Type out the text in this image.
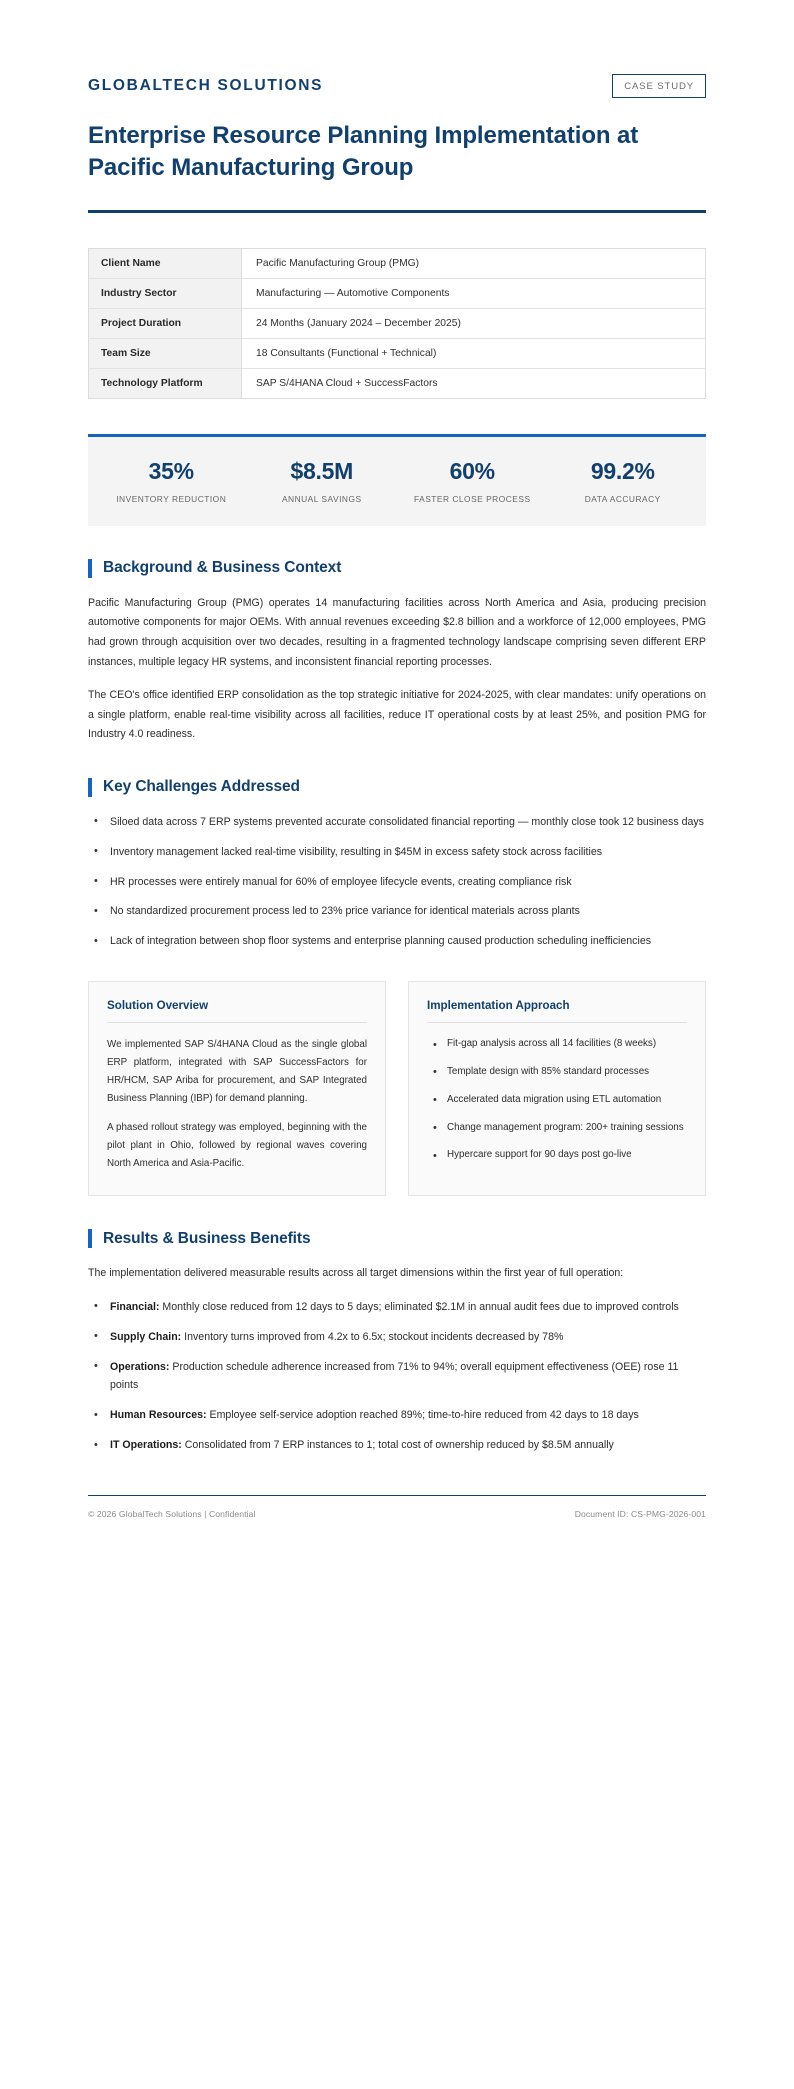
GLOBALTECH SOLUTIONS	CASE STUDY
Enterprise Resource Planning Implementation at Pacific Manufacturing Group
Client Name	Pacific Manufacturing Group (PMG)
Industry Sector	Manufacturing — Automotive Components
Project Duration	24 Months (January 2024 – December 2025)
Team Size	18 Consultants (Functional + Technical)
Technology Platform	SAP S/4HANA Cloud + SuccessFactors
35%
INVENTORY REDUCTION
$8.5M
ANNUAL SAVINGS
60%
FASTER CLOSE PROCESS
99.2%
DATA ACCURACY
Background & Business Context

Pacific Manufacturing Group (PMG) operates 14 manufacturing facilities across North America and Asia, producing precision automotive components for major OEMs. With annual revenues exceeding $2.8 billion and a workforce of 12,000 employees, PMG had grown through acquisition over two decades, resulting in a fragmented technology landscape comprising seven different ERP instances, multiple legacy HR systems, and inconsistent financial reporting processes.

The CEO's office identified ERP consolidation as the top strategic initiative for 2024-2025, with clear mandates: unify operations on a single platform, enable real-time visibility across all facilities, reduce IT operational costs by at least 25%, and position PMG for Industry 4.0 readiness.

Key Challenges Addressed
• Siloed data across 7 ERP systems prevented accurate consolidated financial reporting — monthly close took 12 business days
• Inventory management lacked real-time visibility, resulting in $45M in excess safety stock across facilities
• HR processes were entirely manual for 60% of employee lifecycle events, creating compliance risk
• No standardized procurement process led to 23% price variance for identical materials across plants
• Lack of integration between shop floor systems and enterprise planning caused production scheduling inefficiencies
Solution Overview

We implemented SAP S/4HANA Cloud as the single global ERP platform, integrated with SAP SuccessFactors for HR/HCM, SAP Ariba for procurement, and SAP Integrated Business Planning (IBP) for demand planning.

A phased rollout strategy was employed, beginning with the pilot plant in Ohio, followed by regional waves covering North America and Asia-Pacific.

Implementation Approach
• Fit-gap analysis across all 14 facilities (8 weeks)
• Template design with 85% standard processes
• Accelerated data migration using ETL automation
• Change management program: 200+ training sessions
• Hypercare support for 90 days post go-live
Results & Business Benefits

The implementation delivered measurable results across all target dimensions within the first year of full operation:

• Financial: Monthly close reduced from 12 days to 5 days; eliminated $2.1M in annual audit fees due to improved controls
• Supply Chain: Inventory turns improved from 4.2x to 6.5x; stockout incidents decreased by 78%
• Operations: Production schedule adherence increased from 71% to 94%; overall equipment effectiveness (OEE) rose 11 points
• Human Resources: Employee self-service adoption reached 89%; time-to-hire reduced from 42 days to 18 days
• IT Operations: Consolidated from 7 ERP instances to 1; total cost of ownership reduced by $8.5M annually
© 2026 GlobalTech Solutions | Confidential	Document ID: CS-PMG-2026-001
